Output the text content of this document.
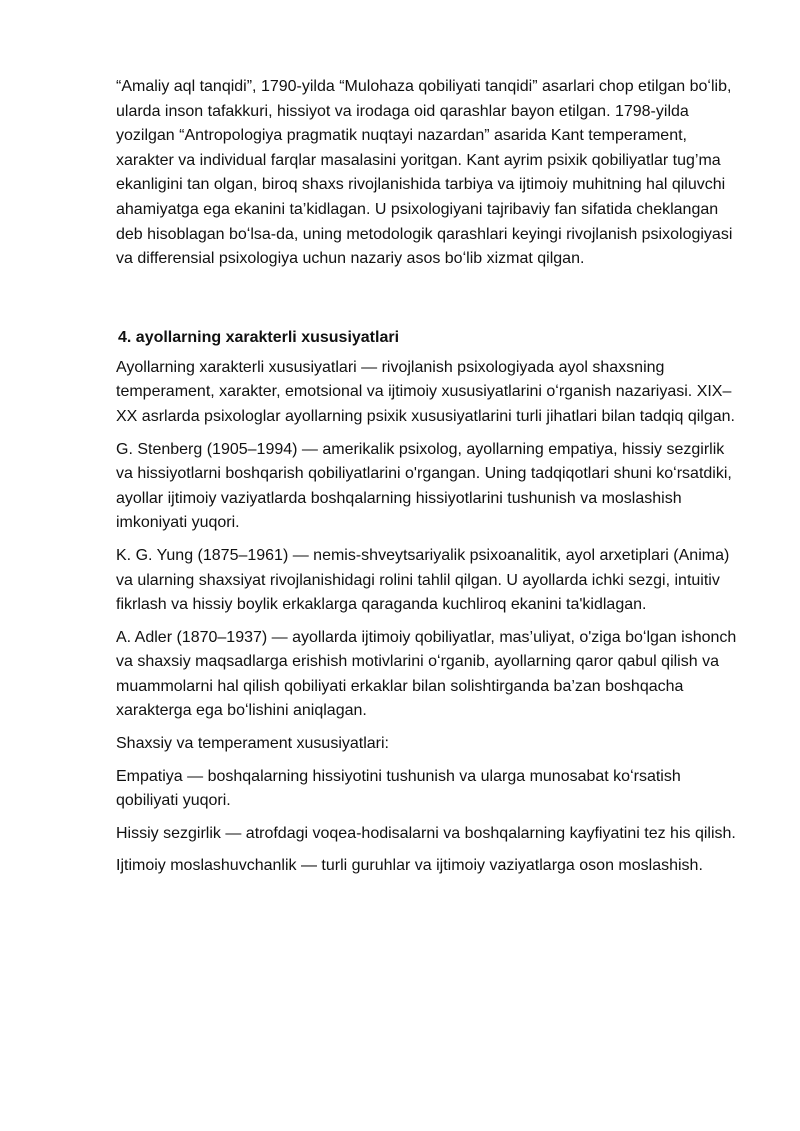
“Amaliy aql tanqidi”, 1790-yilda “Mulohaza qobiliyati tanqidi” asarlari chop etilgan boʻlib, ularda inson tafakkuri, hissiyot va irodaga oid qarashlar bayon etilgan. 1798-yilda yozilgan “Antropologiya pragmatik nuqtayi nazardan” asarida Kant temperament, xarakter va individual farqlar masalasini yoritgan. Kant ayrim psixik qobiliyatlar tug’ma ekanligini tan olgan, biroq shaxs rivojlanishida tarbiya va ijtimoiy muhitning hal qiluvchi ahamiyatga ega ekanini ta’kidlagan. U psixologiyani tajribaviy fan sifatida cheklangan deb hisoblagan boʻlsa-da, uning metodologik qarashlari keyingi rivojlanish psixologiyasi va differensial psixologiya uchun nazariy asos boʻlib xizmat qilgan.

4. ayollarning xarakterli xususiyatlari

Ayollarning xarakterli xususiyatlari — rivojlanish psixologiyada ayol shaxsning temperament, xarakter, emotsional va ijtimoiy xususiyatlarini oʻrganish nazariyasi. XIX–XX asrlarda psixologlar ayollarning psixik xususiyatlarini turli jihatlari bilan tadqiq qilgan.

G. Stenberg (1905–1994) — amerikalik psixolog, ayollarning empatiya, hissiy sezgirlik va hissiyotlarni boshqarish qobiliyatlarini o'rgangan. Uning tadqiqotlari shuni koʻrsatdiki, ayollar ijtimoiy vaziyatlarda boshqalarning hissiyotlarini tushunish va moslashish imkoniyati yuqori.

K. G. Yung (1875–1961) — nemis-shveytsariyalik psixoanalitik, ayol arxetiplari (Anima) va ularning shaxsiyat rivojlanishidagi rolini tahlil qilgan. U ayollarda ichki sezgi, intuitiv fikrlash va hissiy boylik erkaklarga qaraganda kuchliroq ekanini ta'kidlagan.

A. Adler (1870–1937) — ayollarda ijtimoiy qobiliyatlar, mas’uliyat, o'ziga boʻlgan ishonch va shaxsiy maqsadlarga erishish motivlarini oʻrganib, ayollarning qaror qabul qilish va muammolarni hal qilish qobiliyati erkaklar bilan solishtirganda ba’zan boshqacha xarakterga ega boʻlishini aniqlagan.

Shaxsiy va temperament xususiyatlari:

Empatiya — boshqalarning hissiyotini tushunish va ularga munosabat koʻrsatish qobiliyati yuqori.

Hissiy sezgirlik — atrofdagi voqea-hodisalarni va boshqalarning kayfiyatini tez his qilish.

Ijtimoiy moslashuvchanlik — turli guruhlar va ijtimoiy vaziyatlarga oson moslashish.
